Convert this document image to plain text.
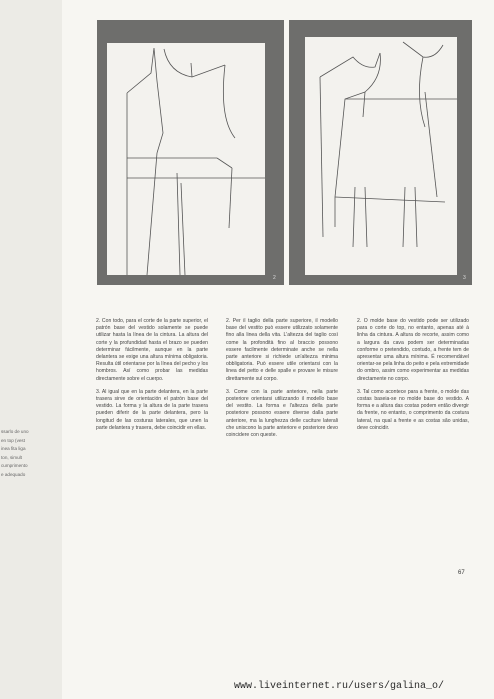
ssarlo de uno
en top (vest
inea fita liga
ton, simult
cumprimento
e adequado
2	3

2. Con todo, para el corte de la parte superior, el patrón base del vestido solamente se puede utilizar hasta la línea de la cintura. La altura del corte y la profundidad hasta el brazo se pueden determinar fácilmente, aunque en la parte delantera se exige una altura mínima obligatoria. Resulta útil orientarse por la línea del pecho y los hombros. Así como probar las medidas directamente sobre el cuerpo.

3. Al igual que en la parte delantera, en la parte trasera sirve de orientación el patrón base del vestido. La forma y la altura de la parte trasera pueden diferir de la parte delantera, pero la longitud de las costuras laterales, que unen la parte delantera y trasera, debe coincidir en ellas.

2. Per il taglio della parte superiore, il modello base del vestito può essere utilizzato solamente fino alla linea della vita. L'altezza del taglio così come la profondità fino al braccio possono essere facilmente determinate anche se nella parte anteriore si richiede un'altezza minima obbligatoria. Può essere utile orientarsi con la linea del petto e delle spalle e provare le misure direttamente sul corpo.

3. Come con la parte anteriore, nella parte posteriore orientarsi utilizzando il modello base del vestito. La forma e l'altezza della parte posteriore possono essere diverse dalla parte anteriore, ma la lunghezza delle cuciture laterali che uniscono la parte anteriore e posteriore devo coincidere con queste.

2. O molde base do vestido pode ser utilizado para o corte do top, no entanto, apenas até à linha da cintura. A altura do recorte, assim como a largura da cava podem ser determinadas conforme o pretendido, contudo, a frente tem de apresentar uma altura mínima. É recomendável orientar-se pela linha do peito e pela extremidade do ombro, assim como experimentar as medidas directamente no corpo.

3. Tal como acontece para a frente, o molde das costas baseia-se no molde base do vestido. A forma e a altura das costas podem então divergir da frente, no entanto, o comprimento da costura lateral, na qual a frente e as costas são unidas, deve coincidir.

67
www.liveinternet.ru/users/galina_o/
